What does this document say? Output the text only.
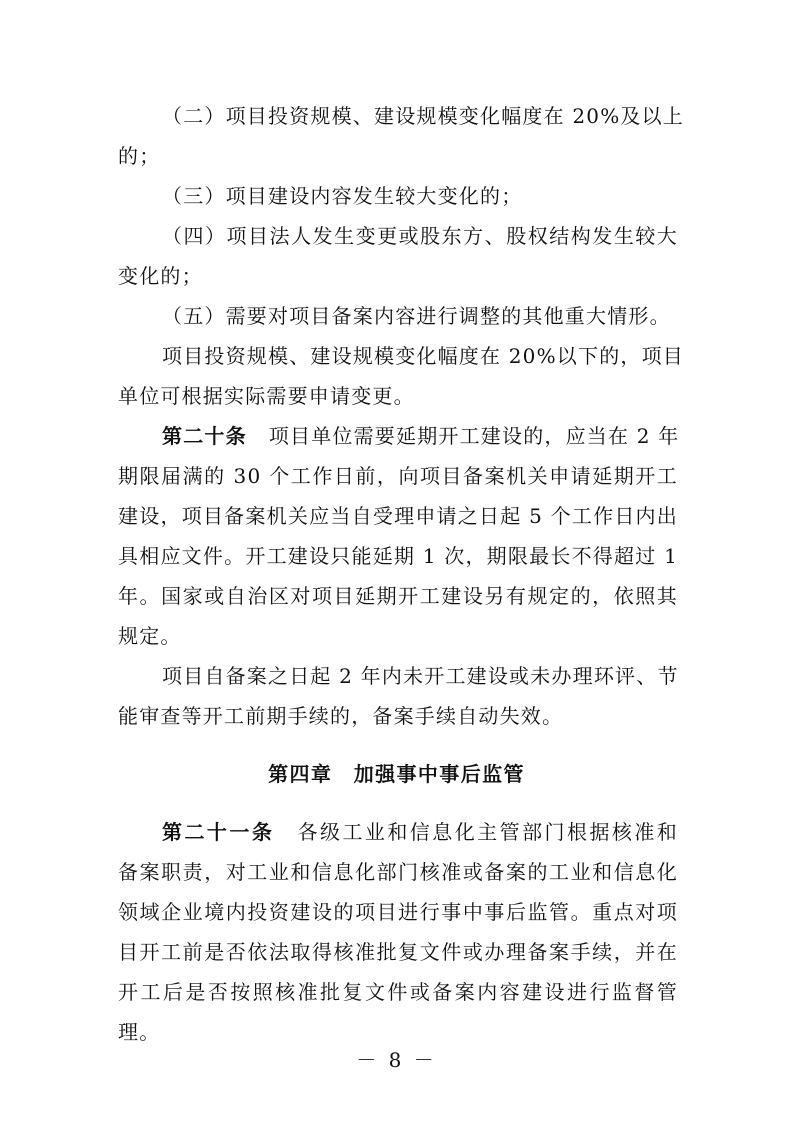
（二）项目投资规模、建设规模变化幅度在 20%及以上
的；
（三）项目建设内容发生较大变化的；
（四）项目法人发生变更或股东方、股权结构发生较大
变化的；
（五）需要对项目备案内容进行调整的其他重大情形。
项目投资规模、建设规模变化幅度在 20%以下的，项目
单位可根据实际需要申请变更。
第二十条 项目单位需要延期开工建设的，应当在 2 年
期限届满的 30 个工作日前，向项目备案机关申请延期开工
建设，项目备案机关应当自受理申请之日起 5 个工作日内出
具相应文件。开工建设只能延期 1 次，期限最长不得超过 1
年。国家或自治区对项目延期开工建设另有规定的，依照其
规定。
项目自备案之日起 2 年内未开工建设或未办理环评、节
能审查等开工前期手续的，备案手续自动失效。
第四章　加强事中事后监管
第二十一条 各级工业和信息化主管部门根据核准和
备案职责，对工业和信息化部门核准或备案的工业和信息化
领域企业境内投资建设的项目进行事中事后监管。重点对项
目开工前是否依法取得核准批复文件或办理备案手续，并在
开工后是否按照核准批复文件或备案内容建设进行监督管
理。
－ 8 －
